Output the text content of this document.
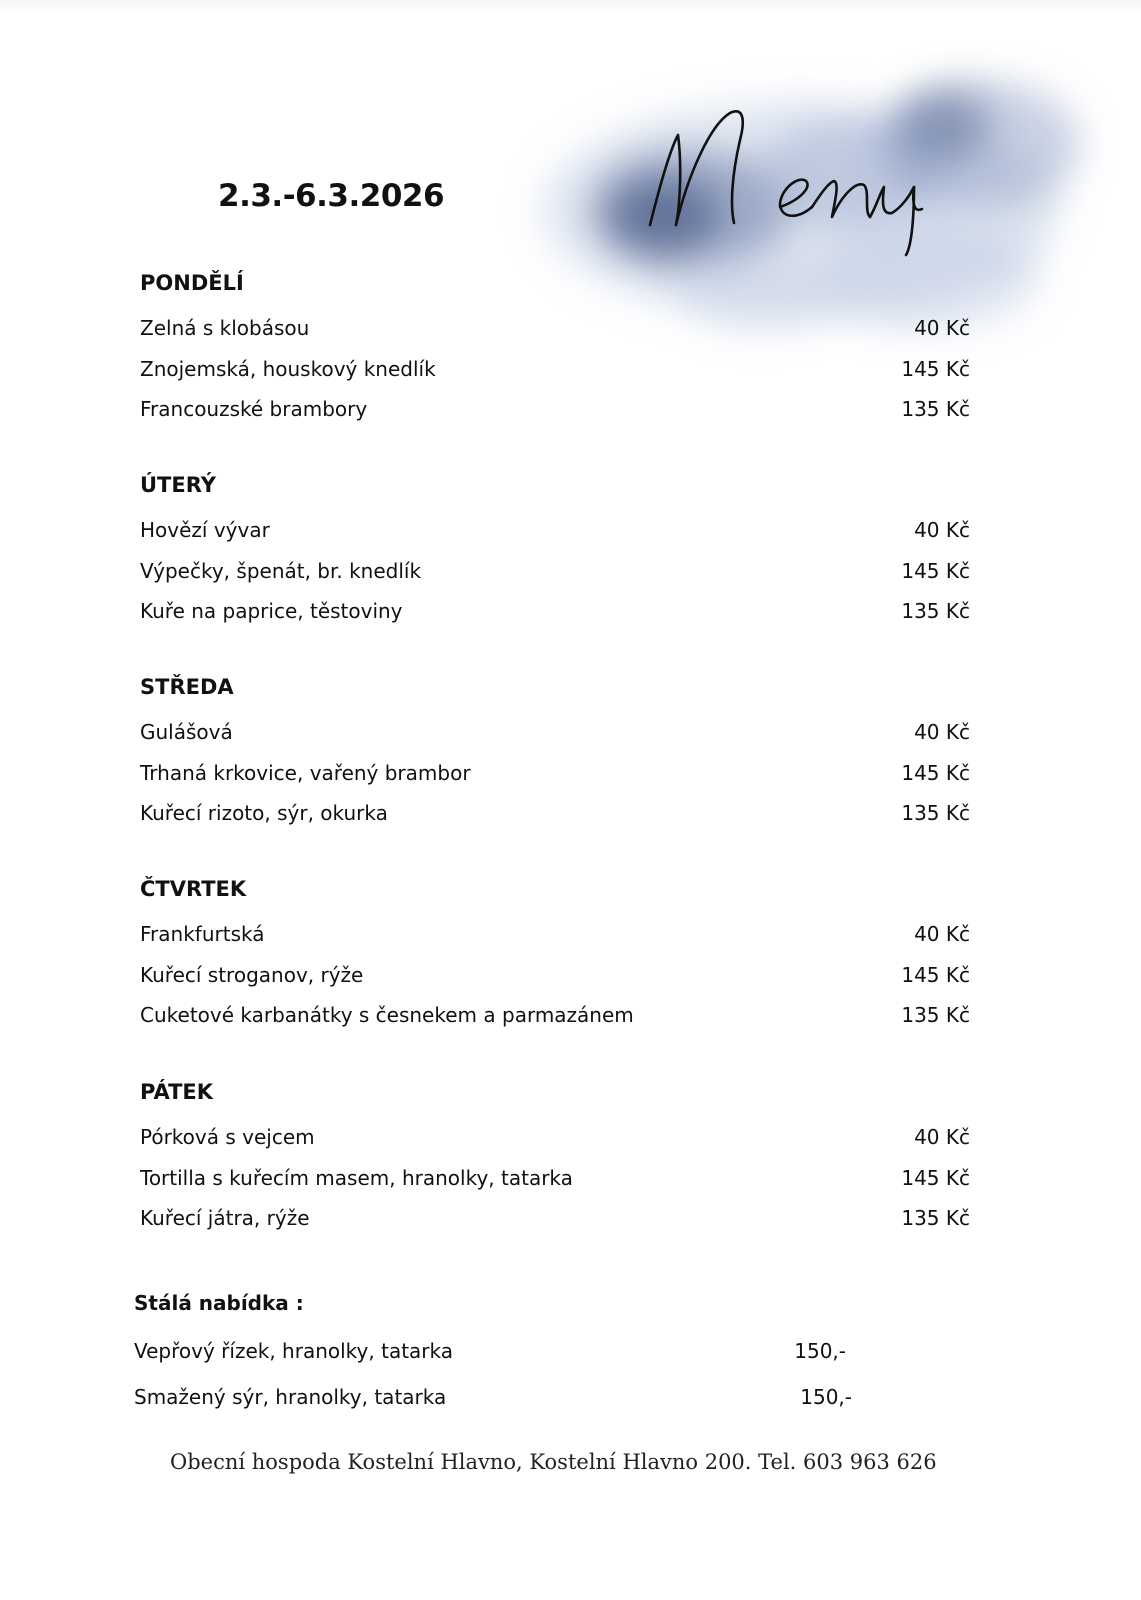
2.3.-6.3.2026
PONDĚLÍ
Zelná s klobásou	40 Kč
Znojemská, houskový knedlík	145 Kč
Francouzské brambory	135 Kč
ÚTERÝ
Hovězí vývar	40 Kč
Výpečky, špenát, br. knedlík	145 Kč
Kuře na paprice, těstoviny	135 Kč
STŘEDA
Gulášová	40 Kč
Trhaná krkovice, vařený brambor	145 Kč
Kuřecí rizoto, sýr, okurka	135 Kč
ČTVRTEK
Frankfurtská	40 Kč
Kuřecí stroganov, rýže	145 Kč
Cuketové karbanátky s česnekem a parmazánem	135 Kč
PÁTEK
Pórková s vejcem	40 Kč
Tortilla s kuřecím masem, hranolky, tatarka	145 Kč
Kuřecí játra, rýže	135 Kč
Stálá nabídka :
Vepřový řízek, hranolky, tatarka	150,-
Smažený sýr, hranolky, tatarka	150,-

Obecní hospoda Kostelní Hlavno, Kostelní Hlavno 200. Tel. 603 963 626
